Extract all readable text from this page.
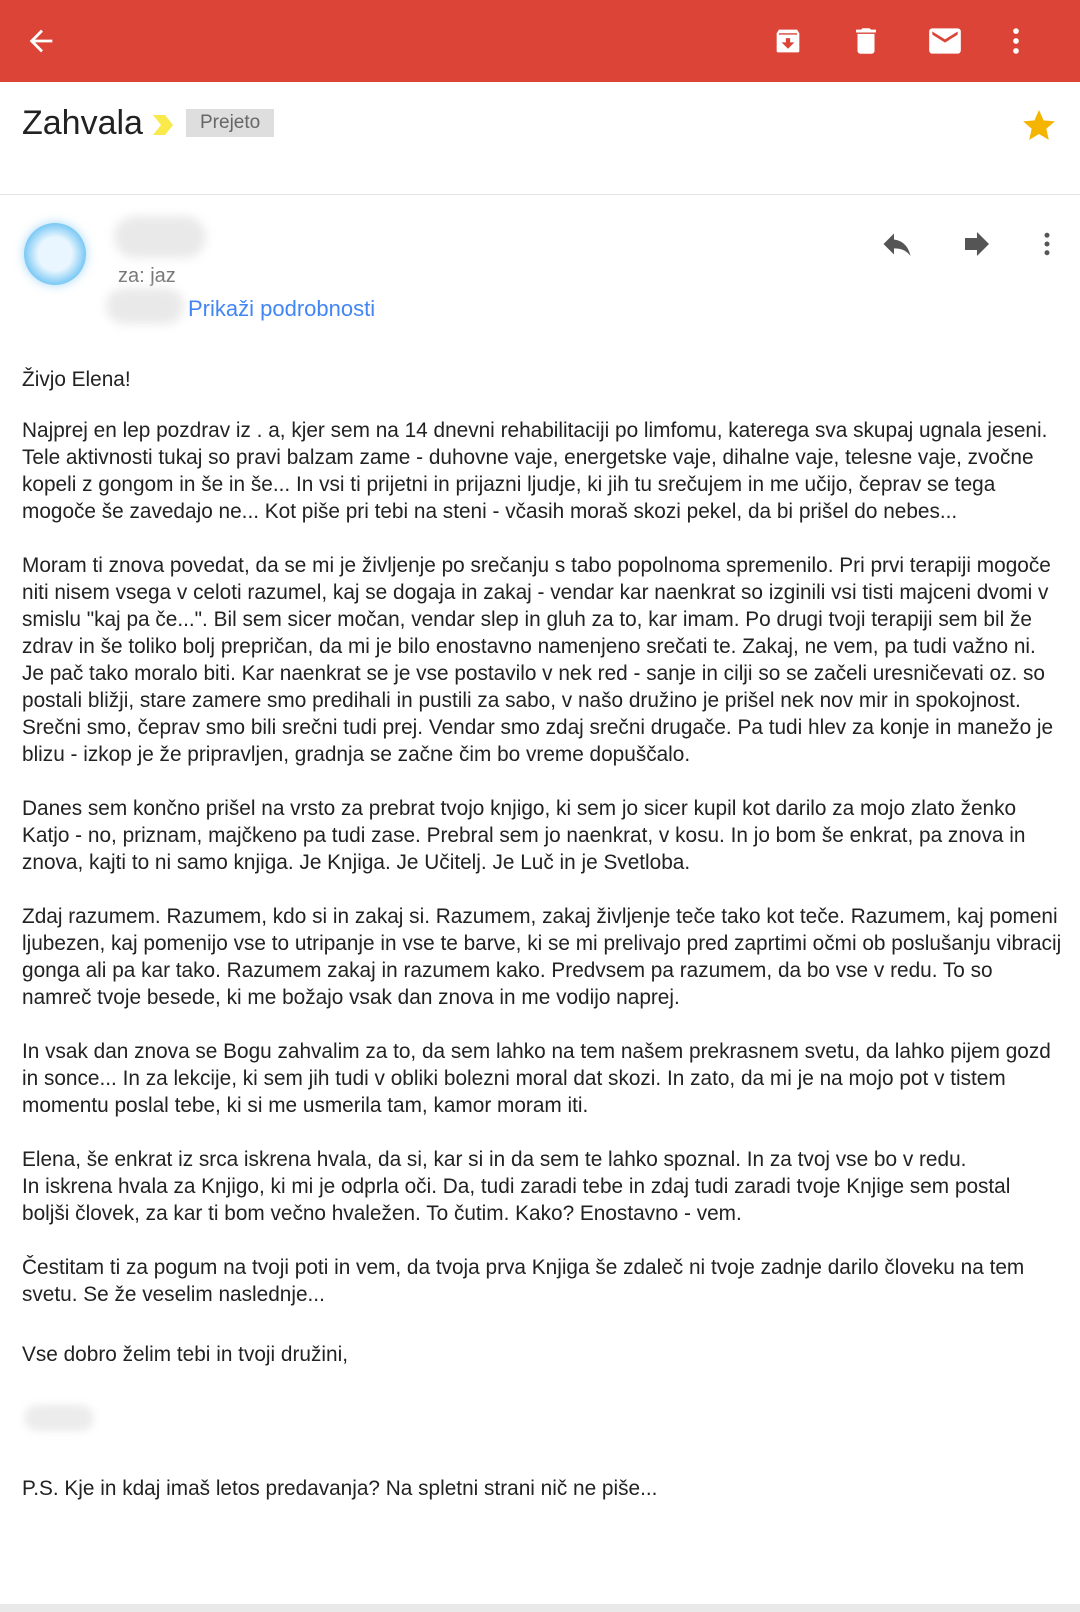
Zahvala	Prejeto
za: jaz
Prikaži podrobnosti

Živjo Elena!

Najprej en lep pozdrav iz . a, kjer sem na 14 dnevni rehabilitaciji po limfomu, katerega sva skupaj ugnala jeseni. Tele aktivnosti tukaj so pravi balzam zame - duhovne vaje, energetske vaje, dihalne vaje, telesne vaje, zvočne kopeli z gongom in še in še... In vsi ti prijetni in prijazni ljudje, ki jih tu srečujem in me učijo, čeprav se tega mogoče še zavedajo ne... Kot piše pri tebi na steni - včasih moraš skozi pekel, da bi prišel do nebes...

Moram ti znova povedat, da se mi je življenje po srečanju s tabo popolnoma spremenilo. Pri prvi terapiji mogoče niti nisem vsega v celoti razumel, kaj se dogaja in zakaj - vendar kar naenkrat so izginili vsi tisti majceni dvomi v smislu "kaj pa če...". Bil sem sicer močan, vendar slep in gluh za to, kar imam. Po drugi tvoji terapiji sem bil že zdrav in še toliko bolj prepričan, da mi je bilo enostavno namenjeno srečati te. Zakaj, ne vem, pa tudi važno ni. Je pač tako moralo biti. Kar naenkrat se je vse postavilo v nek red - sanje in cilji so se začeli uresničevati oz. so postali bližji, stare zamere smo predihali in pustili za sabo, v našo družino je prišel nek nov mir in spokojnost. Srečni smo, čeprav smo bili srečni tudi prej. Vendar smo zdaj srečni drugače. Pa tudi hlev za konje in manežo je blizu - izkop je že pripravljen, gradnja se začne čim bo vreme dopuščalo.

Danes sem končno prišel na vrsto za prebrat tvojo knjigo, ki sem jo sicer kupil kot darilo za mojo zlato ženko Katjo - no, priznam, majčkeno pa tudi zase. Prebral sem jo naenkrat, v kosu. In jo bom še enkrat, pa znova in znova, kajti to ni samo knjiga. Je Knjiga. Je Učitelj. Je Luč in je Svetloba.

Zdaj razumem. Razumem, kdo si in zakaj si. Razumem, zakaj življenje teče tako kot teče. Razumem, kaj pomeni ljubezen, kaj pomenijo vse to utripanje in vse te barve, ki se mi prelivajo pred zaprtimi očmi ob poslušanju vibracij gonga ali pa kar tako. Razumem zakaj in razumem kako. Predvsem pa razumem, da bo vse v redu. To so namreč tvoje besede, ki me božajo vsak dan znova in me vodijo naprej.

In vsak dan znova se Bogu zahvalim za to, da sem lahko na tem našem prekrasnem svetu, da lahko pijem gozd in sonce... In za lekcije, ki sem jih tudi v obliki bolezni moral dat skozi. In zato, da mi je na mojo pot v tistem momentu poslal tebe, ki si me usmerila tam, kamor moram iti.

Elena, še enkrat iz srca iskrena hvala, da si, kar si in da sem te lahko spoznal. In za tvoj vse bo v redu.

In iskrena hvala za Knjigo, ki mi je odprla oči. Da, tudi zaradi tebe in zdaj tudi zaradi tvoje Knjige sem postal boljši človek, za kar ti bom večno hvaležen. To čutim. Kako? Enostavno - vem.

Čestitam ti za pogum na tvoji poti in vem, da tvoja prva Knjiga še zdaleč ni tvoje zadnje darilo človeku na tem svetu. Se že veselim naslednje...

Vse dobro želim tebi in tvoji družini,

P.S. Kje in kdaj imaš letos predavanja? Na spletni strani nič ne piše...
